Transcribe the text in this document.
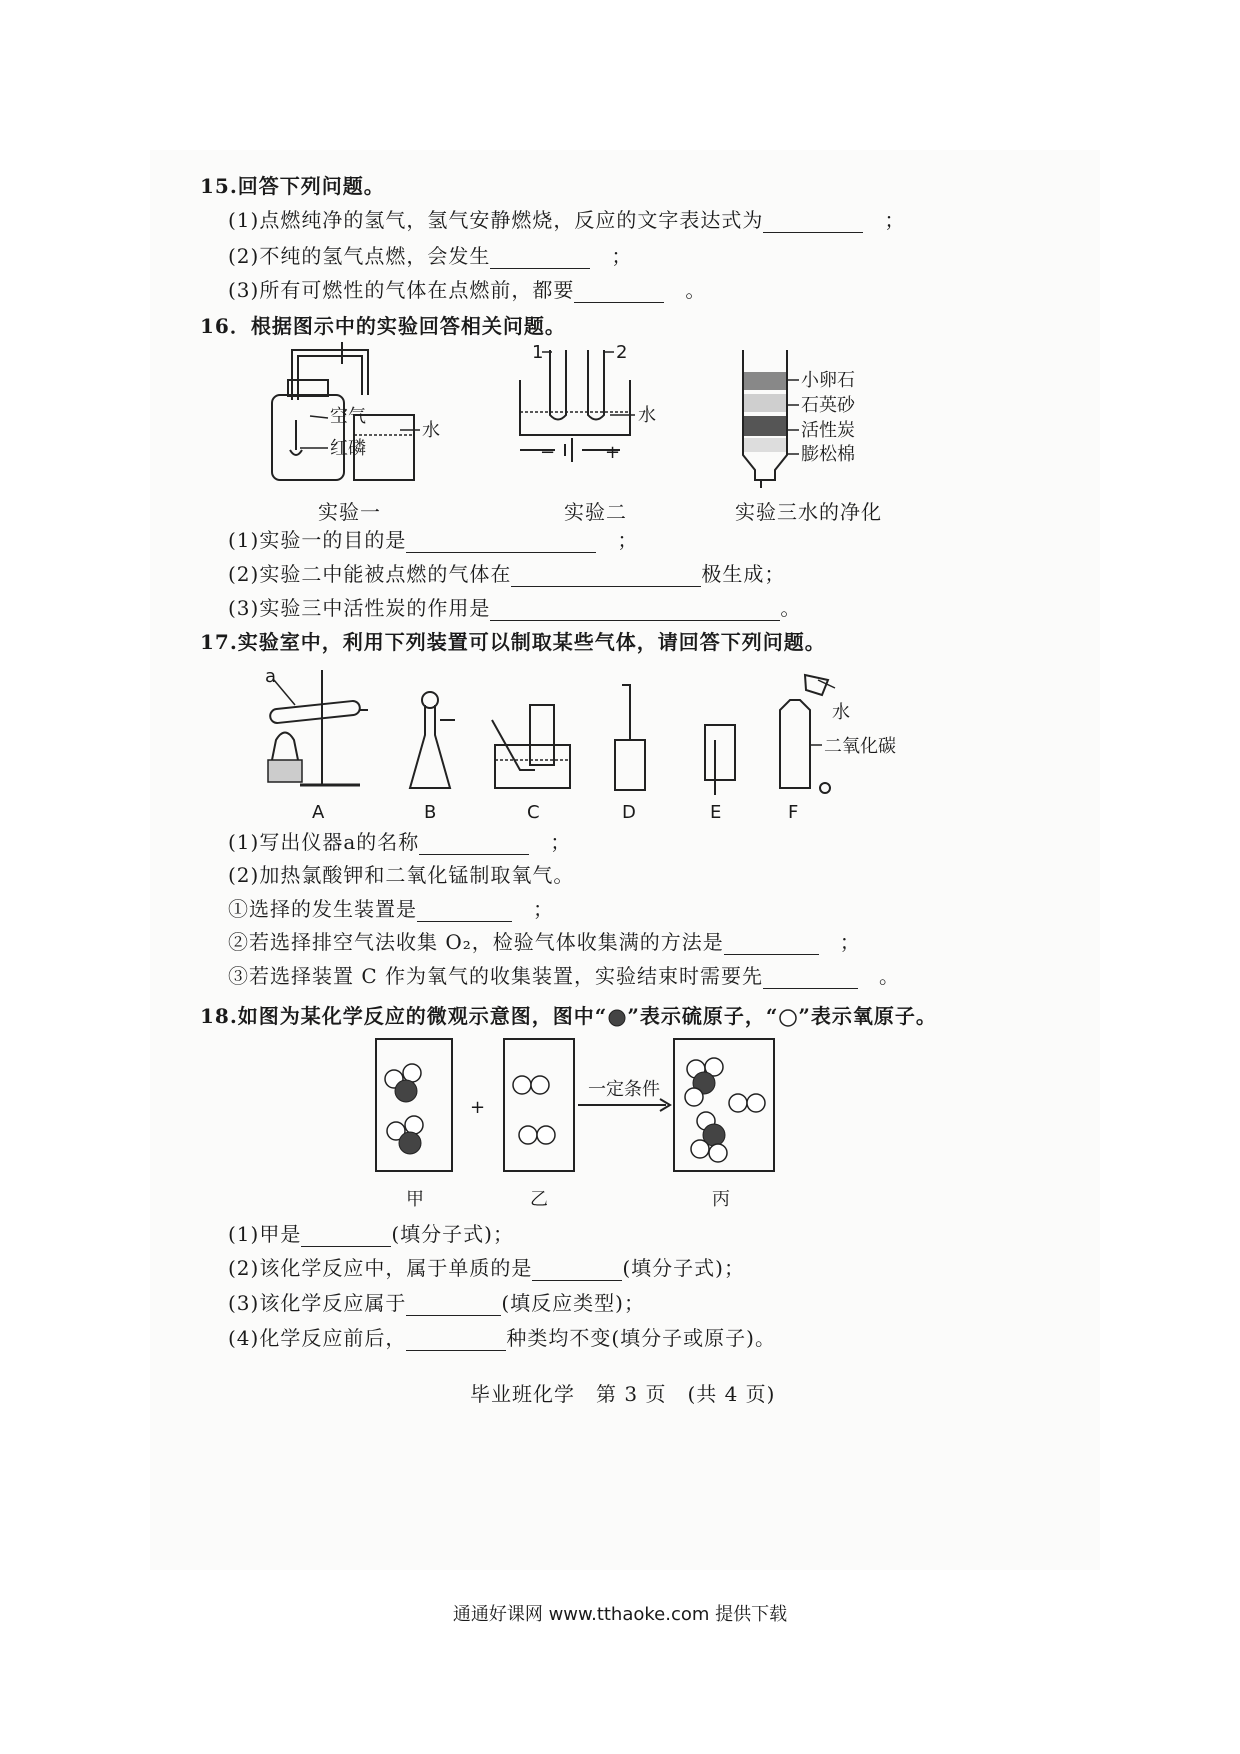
15.回答下列问题。
(1)点燃纯净的氢气，氢气安静燃烧，反应的文字表达式为　	；
(2)不纯的氢气点燃，会发生　	；
(3)所有可燃性的气体在点燃前，都要　	。
16．根据图示中的实验回答相关问题。
空气
红磷
水
实验一
1	2
水
−	+
实验二
小卵石
石英砂
活性炭
膨松棉
实验三水的净化
(1)实验一的目的是　	；
(2)实验二中能被点燃的气体在	极生成；
(3)实验三中活性炭的作用是	。
17.实验室中，利用下列装置可以制取某些气体，请回答下列问题。
a
水
二氧化碳
A	B	C	D	E	F
(1)写出仪器a的名称　	；
(2)加热氯酸钾和二氧化锰制取氧气。
①选择的发生装置是　	；
②若选择排空气法收集 O₂，检验气体收集满的方法是　	；
③若选择装置 C 作为氧气的收集装置，实验结束时需要先　	。
18.如图为某化学反应的微观示意图，图中“ ”表示硫原子，“ ”表示氧原子。
+
一定条件
甲	乙	丙
(1)甲是	(填分子式)；
(2)该化学反应中，属于单质的是	(填分子式)；
(3)该化学反应属于	(填反应类型)；
(4)化学反应前后，	种类均不变(填分子或原子)。
毕业班化学　第 3 页　(共 4 页)
通通好课网 www.tthaoke.com 提供下载
